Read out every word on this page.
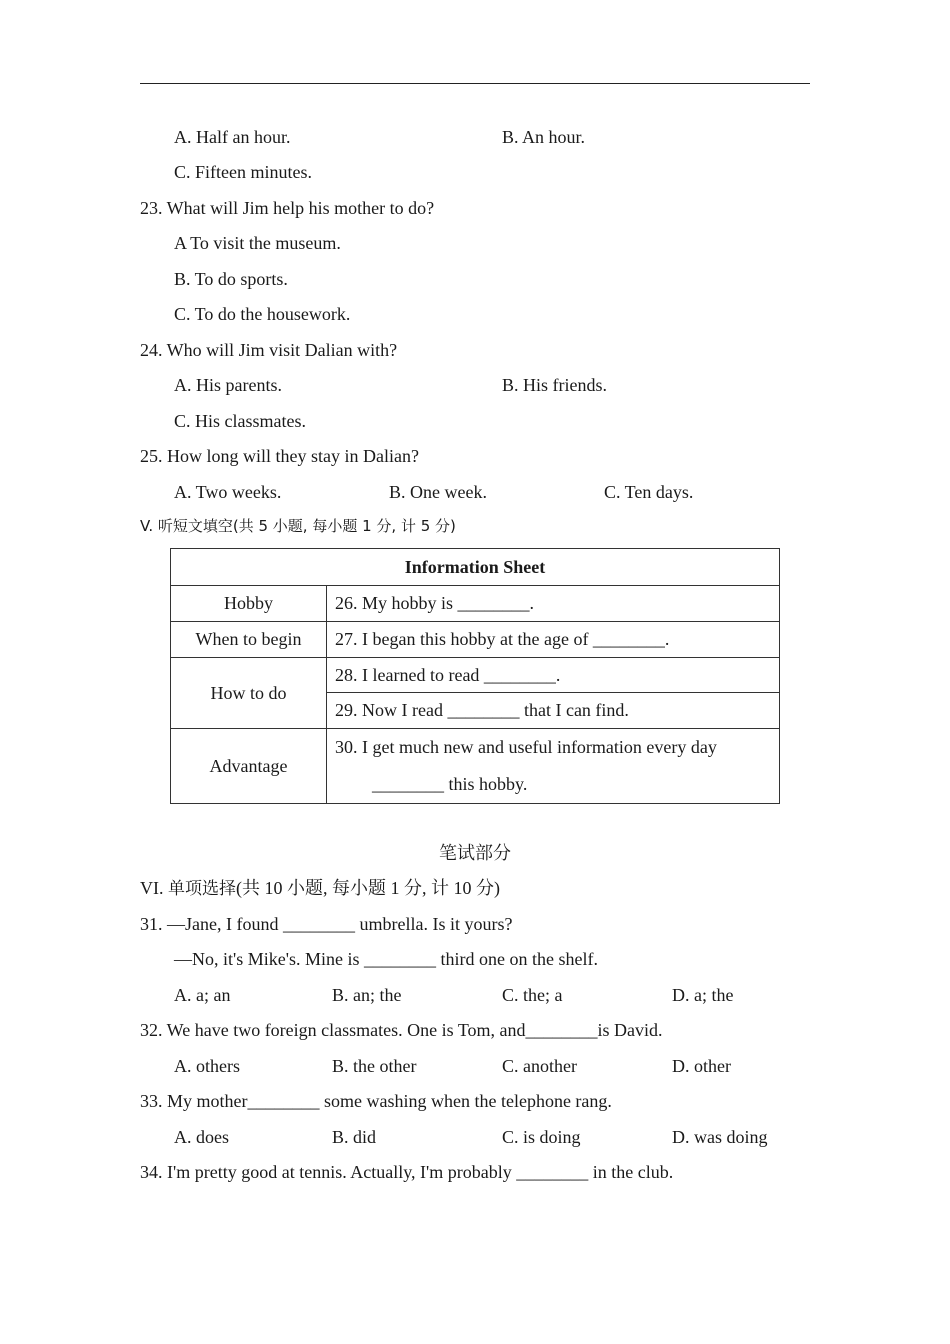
A. Half an hour.	B. An hour.
C. Fifteen minutes.
23. What will Jim help his mother to do?
A To visit the museum.
B. To do sports.
C. To do the housework.
24. Who will Jim visit Dalian with?
A. His parents.	B. His friends.
C. His classmates.
25. How long will they stay in Dalian?
A. Two weeks.	B. One week.	C. Ten days.
V. 听短文填空(共 5 小题, 每小题 1 分, 计 5 分)
Information Sheet	
Hobby	26. My hobby is ________.
When to begin	27. I began this hobby at the age of ________.
How to do	28. I learned to read ________.
	29. Now I read ________ that I can find.
Advantage	30. I get much new and useful information every day
________ this hobby.
笔试部分
VI. 单项选择(共 10 小题, 每小题 1 分, 计 10 分)
31. —Jane, I found ________ umbrella. Is it yours?
—No, it's Mike's. Mine is ________ third one on the shelf.
A. a; an	B. an; the	C. the; a	D. a; the
32. We have two foreign classmates. One is Tom, and________is David.
A. others	B. the other	C. another	D. other
33. My mother________ some washing when the telephone rang.
A. does	B. did	C. is doing	D. was doing
34. I'm pretty good at tennis. Actually, I'm probably ________ in the club.
